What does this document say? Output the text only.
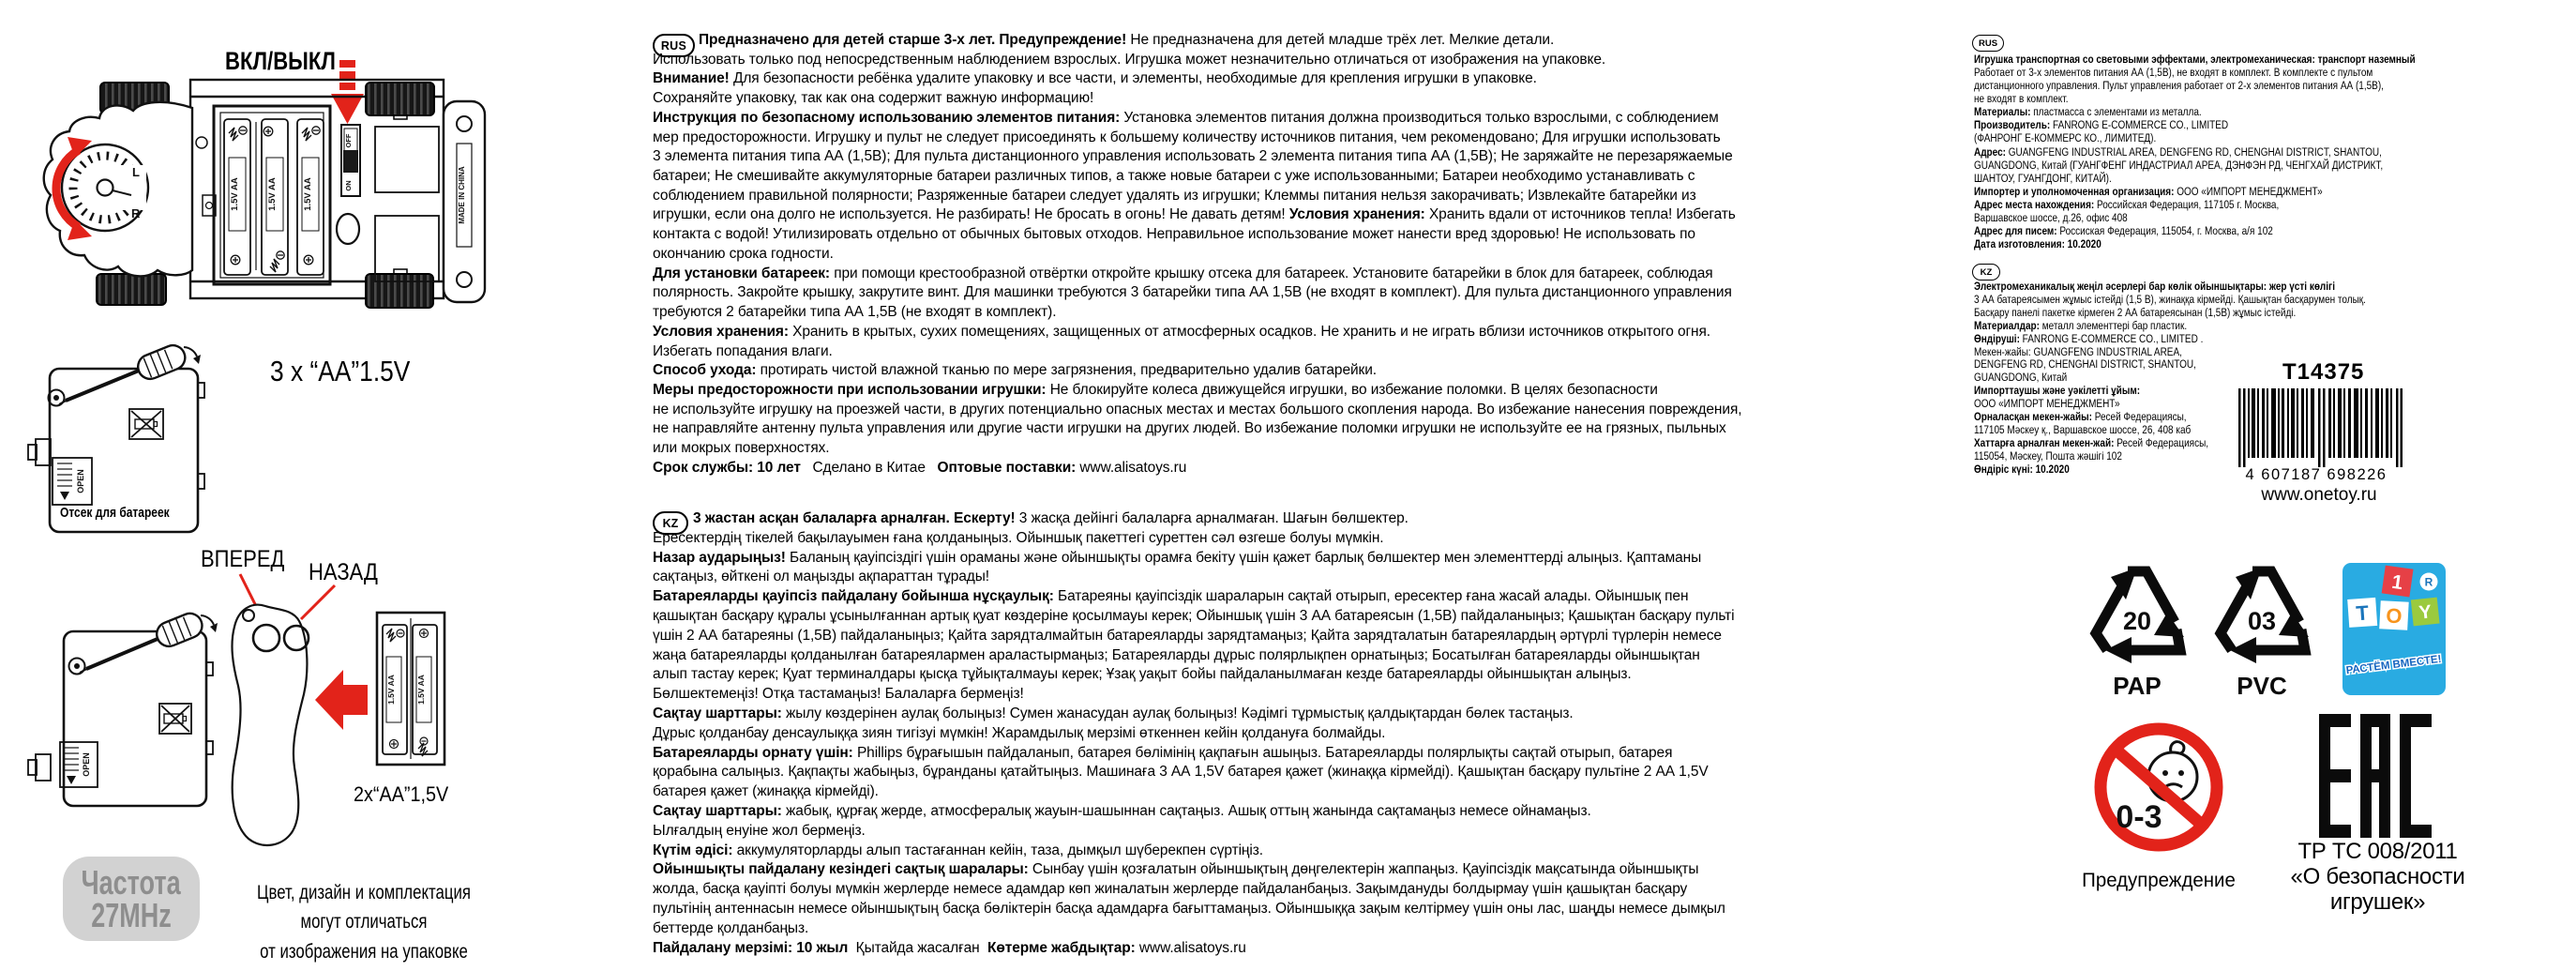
L
R
1.5V AA	1.5V AA	1.5V AA
OFF
ON	MADE IN CHINA
OPEN
1.5V AA	1.5V AA
OPEN
ВКЛ/ВЫКЛ
3 x “AA”1.5V
Отсек для батареек
ВПЕРЕД НАЗАД
2x“AA”1,5V
Частота
27MHz
Цвет, дизайн и комплектация
могут отличаться
от изображения на упаковке
RUS Предназначено для детей старше 3-х лет. Предупреждение! Не предназначена для детей младше трёх лет. Мелкие детали.
Использовать только под непосредственным наблюдением взрослых. Игрушка может незначительно отличаться от изображения на упаковке.
Внимание! Для безопасности ребёнка удалите упаковку и все части, и элементы, необходимые для крепления игрушки в упаковке.
Сохраняйте упаковку, так как она содержит важную информацию!
Инструкция по безопасному использованию элементов питания: Установка элементов питания должна производиться только взрослыми, с соблюдением
мер предосторожности. Игрушку и пульт не следует присоединять к большему количеству источников питания, чем рекомендовано; Для игрушки использовать
3 элемента питания типа АА (1,5В); Для пульта дистанционного управления использовать 2 элемента питания типа АА (1,5В); Не заряжайте не перезаряжаемые
батареи; Не смешивайте аккумуляторные батареи различных типов, а также новые батареи с уже использованными; Батареи необходимо устанавливать с
соблюдением правильной полярности; Разряженные батареи следует удалять из игрушки; Клеммы питания нельзя закорачивать; Извлекайте батарейки из
игрушки, если она долго не используется. Не разбирать! Не бросать в огонь! Не давать детям! Условия хранения: Хранить вдали от источников тепла! Избегать
контакта с водой! Утилизировать отдельно от обычных бытовых отходов. Неправильное использование может нанести вред здоровью! Не использовать по
окончанию срока годности.
Для установки батареек: при помощи крестообразной отвёртки откройте крышку отсека для батареек. Установите батарейки в блок для батареек, соблюдая
полярность. Закройте крышку, закрутите винт. Для машинки требуются 3 батарейки типа АА 1,5В (не входят в комплект). Для пульта дистанционного управления
требуются 2 батарейки типа АА 1,5В (не входят в комплект).
Условия хранения: Хранить в крытых, сухих помещениях, защищенных от атмосферных осадков. Не хранить и не играть вблизи источников открытого огня.
Избегать попадания влаги.
Способ ухода: протирать чистой влажной тканью по мере загрязнения, предварительно удалив батарейки.
Меры предосторожности при использовании игрушки: Не блокируйте колеса движущейся игрушки, во избежание поломки. В целях безопасности
не используйте игрушку на проезжей части, в других потенциально опасных местах и местах большого скопления народа. Во избежание нанесения повреждения,
не направляйте антенну пульта управления или другие части игрушки на других людей. Во избежание поломки игрушки не используйте ее на грязных, пыльных
или мокрых поверхностях.
Срок службы: 10 лет   Сделано в Китае   Оптовые поставки: www.alisatoys.ru
KZ	3 жастан асқан балаларға арналған. Ескерту! 3 жасқа дейінгі балаларға арналмаған. Шағын бөлшектер.
Ересектердің тікелей бақылауымен ғана қолданыңыз. Ойыншық пакеттегі суреттен сәл өзгеше болуы мүмкін.
Назар аударыңыз! Баланың қауіпсіздігі үшін ораманы және ойыншықты орамға бекіту үшін қажет барлық бөлшектер мен элементтерді алыңыз. Қаптаманы
сақтаңыз, өйткені ол маңызды ақпараттан тұрады!
Батареяларды қауіпсіз пайдалану бойынша нұсқаулық: Батареяны қауіпсіздік шараларын сақтай отырып, ересектер ғана жасай алады. Ойыншық пен
қашықтан басқару құралы ұсынылғаннан артық қуат көздеріне қосылмауы керек; Ойыншық үшін 3 АА батареясын (1,5В) пайдаланыңыз; Қашықтан басқару пульті
үшін 2 АА батареяны (1,5В) пайдаланыңыз; Қайта зарядталмайтын батареяларды зарядтамаңыз; Қайта зарядталатын батареялардың әртүрлі түрлерін немесе
жаңа батареяларды қолданылған батареялармен араластырмаңыз; Батареяларды дұрыс полярлықпен орнатыңыз; Босатылған батареяларды ойыншықтан
алып тастау керек; Қуат терминалдары қысқа тұйықталмауы керек; Ұзақ уақыт бойы пайдаланылмаған кезде батареяларды ойыншықтан алыңыз.
Бөлшектемеңіз! Отқа тастамаңыз! Балаларға бермеңіз!
Сақтау шарттары: жылу көздерінен аулақ болыңыз! Сумен жанасудан аулақ болыңыз! Кәдімгі тұрмыстық қалдықтардан бөлек тастаңыз.
Дұрыс қолданбау денсаулыққа зиян тигізуі мүмкін! Жарамдылық мерзімі өткеннен кейін қолдануға болмайды.
Батареяларды орнату үшін: Phillips бұрағышын пайдаланып, батарея бөлімінің қақпағын ашыңыз. Батареяларды полярлықты сақтай отырып, батарея
қорабына салыңыз. Қақпақты жабыңыз, бұранданы қатайтыңыз. Машинаға 3 АА 1,5V батарея қажет (жинаққа кірмейді). Қашықтан басқару пультіне 2 АА 1,5V
батарея қажет (жинаққа кірмейді).
Сақтау шарттары: жабық, құрғақ жерде, атмосфералық жауын-шашыннан сақтаңыз. Ашық оттың жанында сақтамаңыз немесе ойнамаңыз.
Ылғалдың енуіне жол бермеңіз.
Күтім әдісі: аккумуляторларды алып тастағаннан кейін, таза, дымқыл шүберекпен сүртіңіз.
Ойыншықты пайдалану кезіндегі сақтық шаралары: Сынбау үшін қозғалатын ойыншықтың дөңгелектерін жаппаңыз. Қауіпсіздік мақсатында ойыншықты
жолда, басқа қауіпті болуы мүмкін жерлерде немесе адамдар көп жиналатын жерлерде пайдаланбаңыз. Зақымдануды болдырмау үшін қашықтан басқару
пультінің антеннасын немесе ойыншықтың басқа бөліктерін басқа адамдарға бағыттамаңыз. Ойыншыққа зақым келтірмеу үшін оны лас, шаңды немесе дымқыл
беттерде қолданбаңыз.
Пайдалану мерзімі: 10 жыл  Қытайда жасалған  Көтерме жабдықтар: www.alisatoys.ru
RUS
Игрушка транспортная со световыми эффектами, электромеханическая: транспорт наземный
Работает от 3-х элементов питания АА (1,5В), не входят в комплект. В комплекте с пультом
дистанционного управления. Пульт управления работает от 2-х элементов питания АА (1,5В),
не входят в комплект.
Материалы: пластмасса с элементами из металла.
Производитель: FANRONG E-COMMERCE CO., LIMITED
(ФАНРОНГ Е-КОММЕРС КО., ЛИМИТЕД).
Адрес: GUANGFENG INDUSTRIAL AREA, DENGFENG RD, CHENGHAI DISTRICT, SHANTOU,
GUANGDONG, Китай (ГУАНГФЕНГ ИНДАСТРИАЛ АРЕА, ДЭНФЭН РД, ЧЕНГХАЙ ДИСТРИКТ,
ШАНТОУ, ГУАНГДОНГ, КИТАЙ).
Импортер и уполномоченная организация: ООО «ИМПОРТ МЕНЕДЖМЕНТ»
Адрес места нахождения: Российская Федерация, 117105 г. Москва,
Варшавское шоссе, д.26, офис 408
Адрес для писем: Россиская Федерация, 115054, г. Москва, а/я 102
Дата изготовления: 10.2020
KZ
Электромеханикалық жеңіл әсерлері бар көлік ойыншықтары: жер үсті көлігі
3 АА батареясымен жұмыс істейді (1,5 В), жинаққа кірмейді. Қашықтан басқарумен толық.
Басқару панелі пакетке кірмеген 2 АА батареясынан (1,5В) жұмыс істейді.
Материалдар: металл элементтері бар пластик.
Өндіруші: FANRONG E-COMMERCE CO., LIMITED .
Мекен-жайы: GUANGFENG INDUSTRIAL AREA,
DENGFENG RD, CHENGHAI DISTRICT, SHANTOU,
GUANGDONG, Китай
Импорттаушы және уәкілетті ұйым:
ООО «ИМПОРТ МЕНЕДЖМЕНТ»
Орналасқан мекен-жайы: Ресей Федерациясы,
117105 Мәскеу қ., Варшавское шоссе, 26, 408 каб
Хаттарға арналған мекен-жай: Ресей Федерациясы,
115054, Мәскеу, Пошта жәшігі 102
Өндіріс күні: 10.2020
T14375
4 607187 698226
www.onetoy.ru
20
PAP
03
PVC
R
1
T O Y
РАСТЁМ ВМЕСТЕ!
0-3
Предупреждение
ТР ТС 008/2011
«О безопасности
игрушек»
